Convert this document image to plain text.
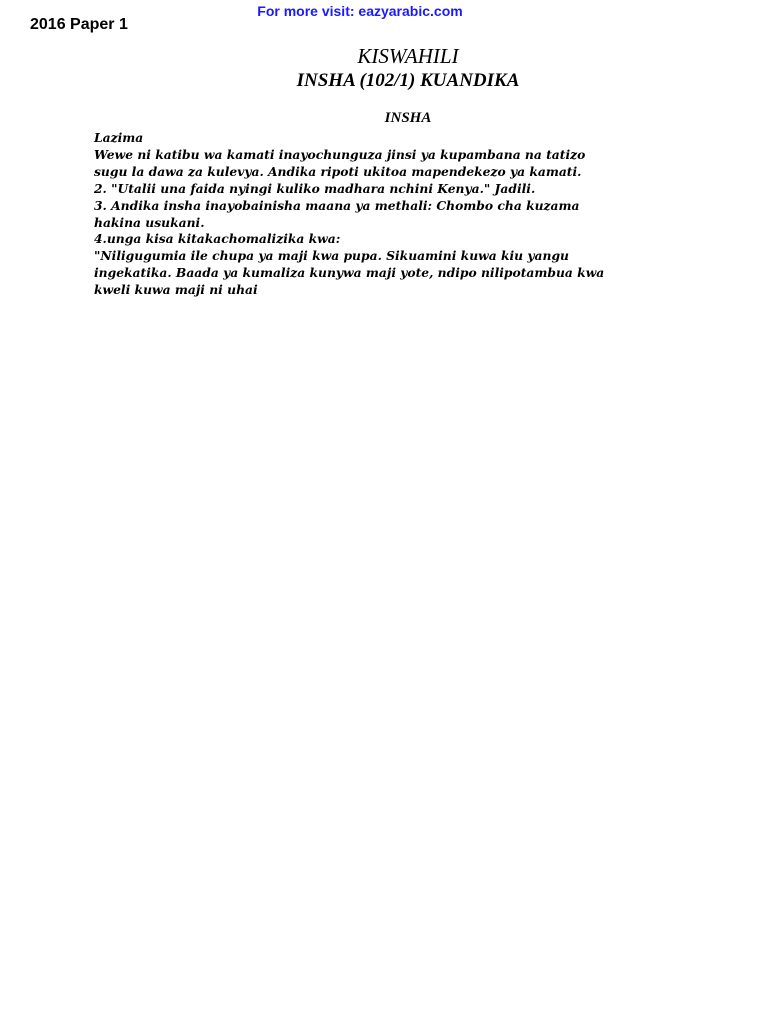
For more visit: eazyarabic.com
2016 Paper 1
KISWAHILI
INSHA (102/1) KUANDIKA
INSHA

Lazima

Wewe ni katibu wa kamati inayochunguza jinsi ya kupambana na tatizo

sugu la dawa za kulevya. Andika ripoti ukitoa mapendekezo ya kamati.

2. "Utalii una faida nyingi kuliko madhara nchini Kenya." Jadili.

3. Andika insha inayobainisha maana ya methali: Chombo cha kuzama

hakina usukani.

4.unga kisa kitakachomalizika kwa:

"Niligugumia ile chupa ya maji kwa pupa. Sikuamini kuwa kiu yangu

ingekatika. Baada ya kumaliza kunywa maji yote, ndipo nilipotambua kwa

kweli kuwa maji ni uhai
